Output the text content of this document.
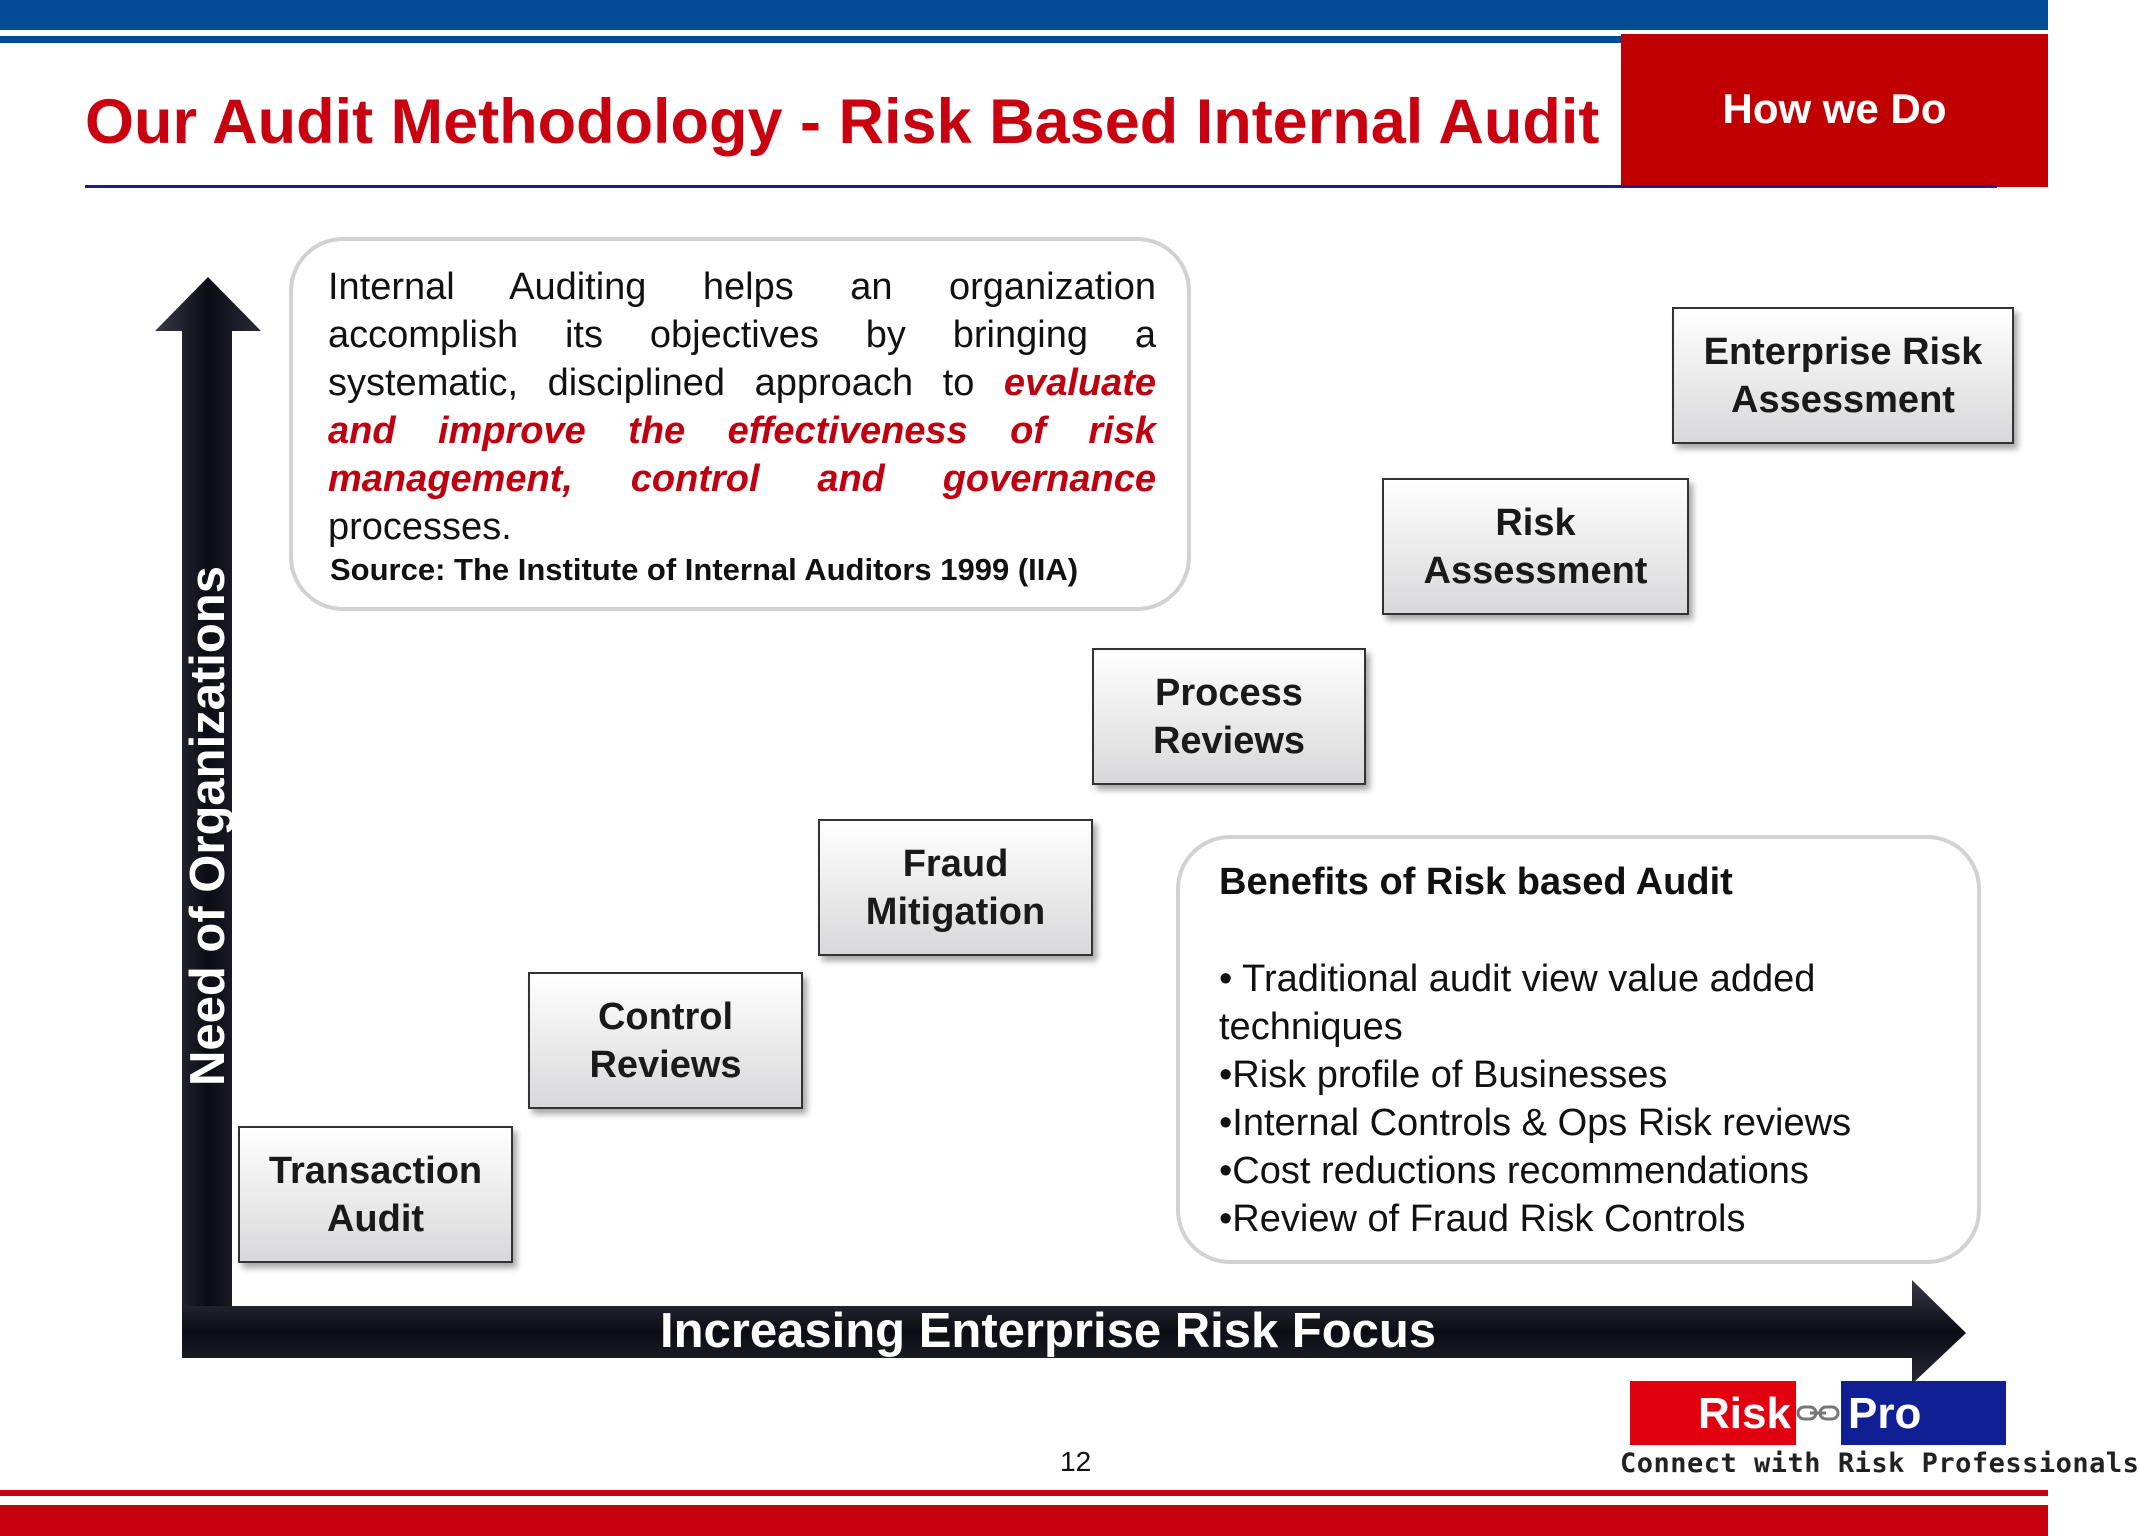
Our Audit Methodology - Risk Based Internal Audit	How we Do
Internal Auditing helps an organization accomplish its objectives by bringing a systematic, disciplined approach to evaluate and improve the effectiveness of risk management, control and governance
processes.
Source: The Institute of Internal Auditors 1999 (IIA)
Need of Organizations
Increasing Enterprise Risk Focus
Transaction
Audit
Control
Reviews
Fraud
Mitigation
Process
Reviews
Risk
Assessment
Enterprise Risk
Assessment
Benefits of Risk based Audit
• Traditional audit view value added techniques
•Risk profile of Businesses
•Internal Controls & Ops Risk reviews
•Cost reductions recommendations
•Review of Fraud Risk Controls
12
Risk Pro
Connect with Risk Professionals
